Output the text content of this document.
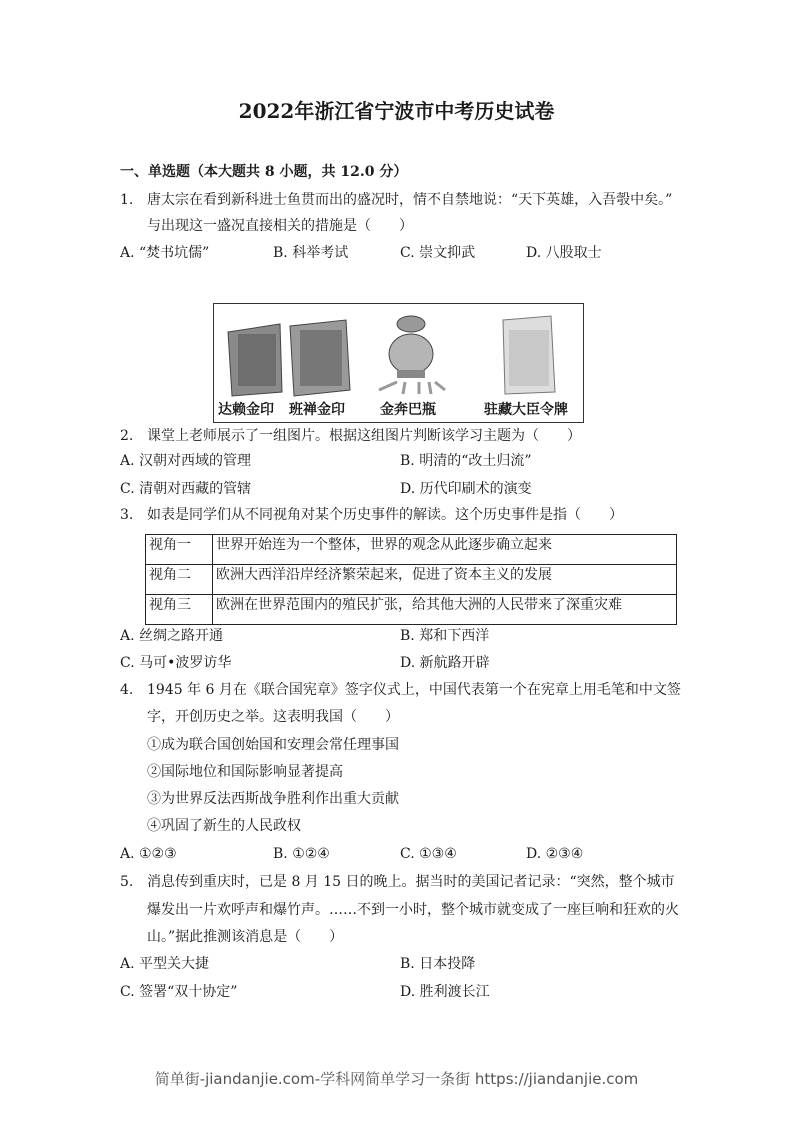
2022年浙江省宁波市中考历史试卷
一、单选题（本大题共 8 小题，共 12.0 分）
1. 唐太宗在看到新科进士鱼贯而出的盛况时，情不自禁地说：“天下英雄，入吾彀中矣。”
与出现这一盛况直接相关的措施是（　　）
A. “焚书坑儒”	B. 科举考试	C. 崇文抑武	D. 八股取士
达赖金印 班禅金印	金奔巴瓶	驻藏大臣令牌
2. 课堂上老师展示了一组图片。根据这组图片判断该学习主题为（　　）
A. 汉朝对西域的管理	B. 明清的“改土归流”
C. 清朝对西藏的管辖	D. 历代印刷术的演变
3. 如表是同学们从不同视角对某个历史事件的解读。这个历史事件是指（　　）
视角一	世界开始连为一个整体，世界的观念从此逐步确立起来
视角二	欧洲大西洋沿岸经济繁荣起来，促进了资本主义的发展
视角三	欧洲在世界范围内的殖民扩张，给其他大洲的人民带来了深重灾难
A. 丝绸之路开通	B. 郑和下西洋
C. 马可•波罗访华	D. 新航路开辟
4. 1945 年 6 月在《联合国宪章》签字仪式上，中国代表第一个在宪章上用毛笔和中文签
字，开创历史之举。这表明我国（　　）
①成为联合国创始国和安理会常任理事国
②国际地位和国际影响显著提高
③为世界反法西斯战争胜利作出重大贡献
④巩固了新生的人民政权
A. ①②③	B. ①②④	C. ①③④	D. ②③④
5. 消息传到重庆时，已是 8 月 15 日的晚上。据当时的美国记者记录：“突然，整个城市
爆发出一片欢呼声和爆竹声。……不到一小时，整个城市就变成了一座巨响和狂欢的火
山。”据此推测该消息是（　　）
A. 平型关大捷	B. 日本投降
C. 签署“双十协定”	D. 胜利渡长江
简单街-jiandanjie.com-学科网简单学习一条街 https://jiandanjie.com
